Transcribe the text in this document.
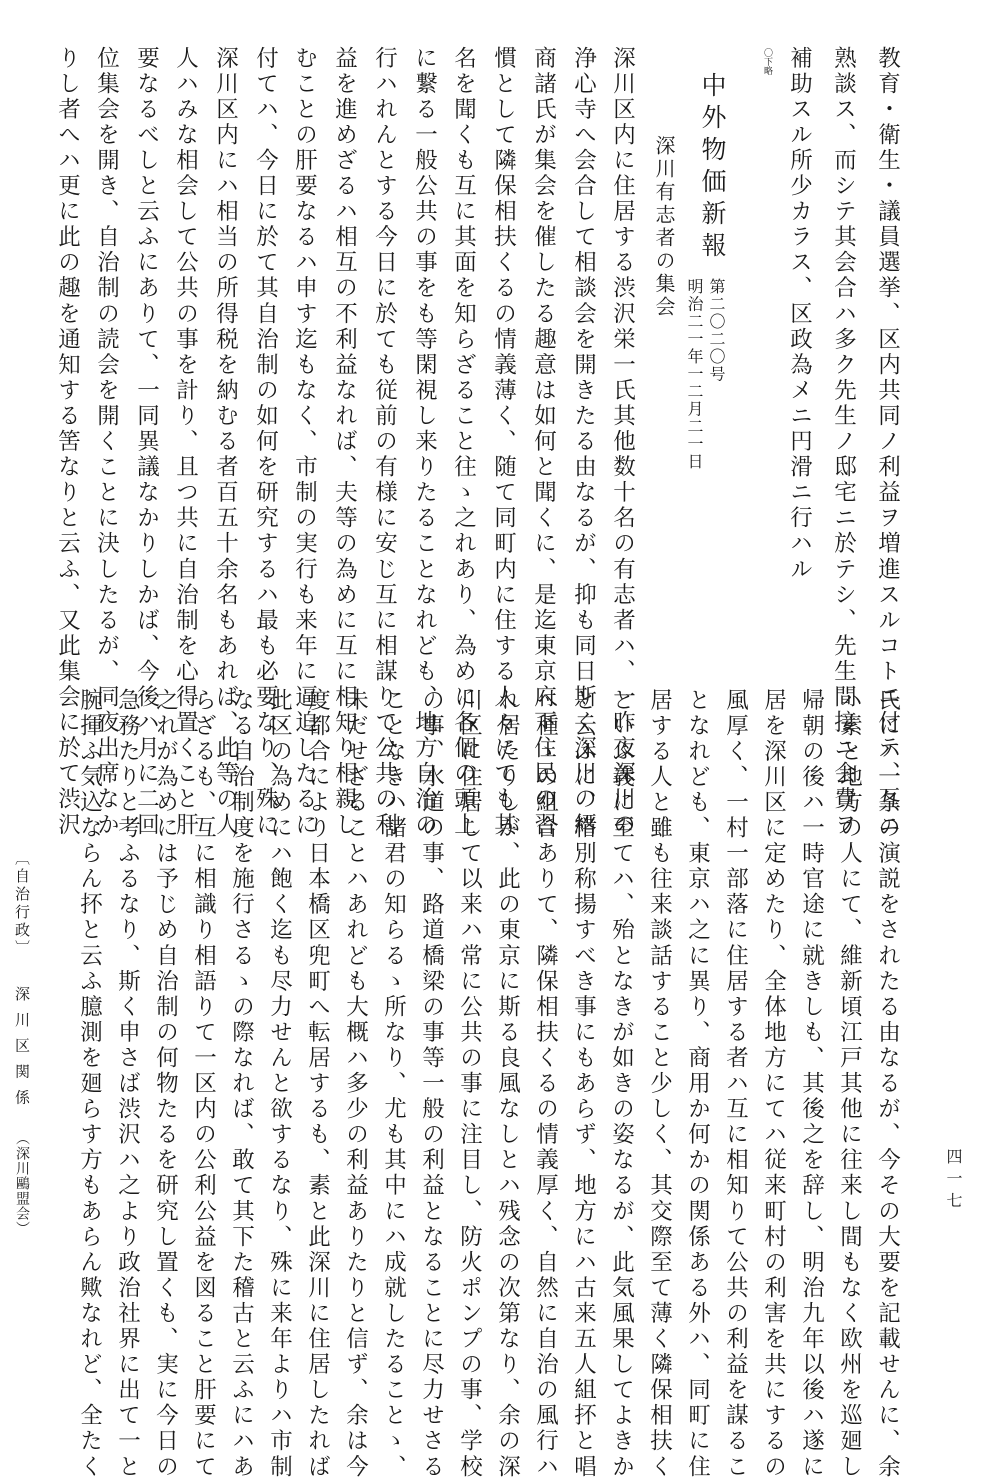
教育・衛生・議員選挙、区内共同ノ利益ヲ増進スルコトニ付テ、互ニ
熟談ス、而シテ其会合ハ多ク先生ノ邸宅ニ於テシ、先生間接ニ会費ヲ
補助スル所少カラス、区政為メニ円滑ニ行ハル
〇下略
中外物価新報
第二〇二〇号
明治二一年一二月二一日
深川有志者の集会
深川区内に住居する渋沢栄一氏其他数十名の有志者ハ、一昨夜深川の
浄心寺へ会合して相談会を開きたる由なるが、抑も同日斯く深川の縉
商諸氏が集会を催したる趣意は如何と聞くに、是迄東京府下住民の習
慣として隣保相扶くるの情義薄く、随て同町内に住する人々にても其
名を聞くも互に其面を知らざること往ゝ之れあり、為めに各個の頭上
に繋る一般公共の事をも等閑視し来りたることなれども、地方自治の
行ハれんとする今日に於ても従前の有様に安じ互に相謀りて公共の利
益を進めざるハ相互の不利益なれば、夫等の為めに互に相知り相親し
むことの肝要なるハ申す迄もなく、市制の実行も来年に逼迫したるに
付てハ、今日に於て其自治制の如何を研究するハ最も必要なり、殊に
深川区内にハ相当の所得税を納むる者百五十余名もあれば、此等の人
人ハみな相会して公共の事を計り、且つ共に自治制を心得置くこと肝
要なるべしと云ふにありて、一同異議なかりしかば、今後ハ月に二回
位集会を開き、自治制の読会を開くことに決したるが、同夜出席なか
りし者へハ更に此の趣を通知する筈なりと云ふ、又此集会に於て渋沢
〔自治行政〕深 川 区 関 係（深川鷗盟会）	氏にハ一条の演説をされたる由なるが、今その大要を記載せんに、余
ハ素と地方の人にて、維新頃江戸其他に往来し間もなく欧州を巡廻し
帰朝の後ハ一時官途に就きしも、其後之を辞し、明治九年以後ハ遂に
居を深川区に定めたり、全体地方にてハ従来町村の利害を共にするの
風厚く、一村一部落に住居する者ハ互に相知りて公共の利益を謀るこ
となれども、東京ハ之に異り、商用か何かの関係ある外ハ、同町に住
居する人と雖も往来談話すること少しく、其交際至て薄く隣保相扶く
といふ義に至てハ、殆となきが如きの姿なるが、此気風果してよきか
と云ふに、格別称揚すべき事にもあらず、地方にハ古来五人組抔と唱
へ種ゝの組合ありて、隣保相扶くるの情義厚く、自然に自治の風行ハ
れ居たりしが、此の東京に斯る良風なしとハ残念の次第なり、余の深
川区に住居して以来ハ常に公共の事に注目し、防火ポンプの事、学校
の事、水道の事、路道橋梁の事等一般の利益となることに尽力せさる
ことなきハ諸君の知らるゝ所なり、尤も其中にハ成就したることゝ、
未だせざることハあれども大概ハ多少の利益ありたりと信ず、余は今
度都合により日本橋区兜町へ転居するも、素と此深川に住居したれば
此区の為めにハ飽く迄も尽力せんと欲するなり、殊に来年よりハ市制
なる自治制度を施行さるゝの際なれば、敢て其下た稽古と云ふにハあ
らざるも、互に相識り相語りて一区内の公利公益を図ること肝要にて
之れが為めには予じめ自治制の何物たるを研究し置くも、実に今日の
急務たりと考ふるなり、斯く申さば渋沢ハ之より政治社界に出て一と
腕揮ふ気込ならん抔と云ふ臆測を廻らす方もあらん歟なれど、全たく	四一七
